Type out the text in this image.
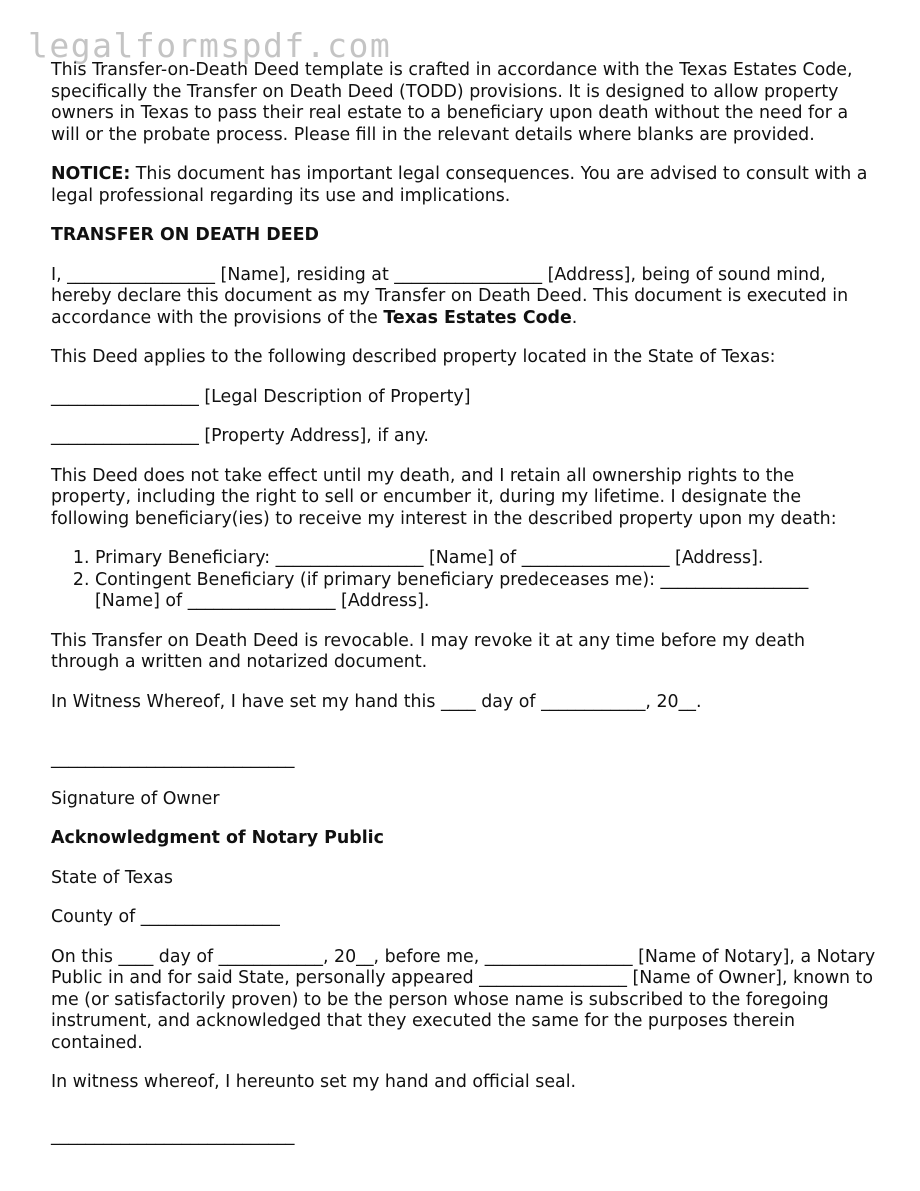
legalformspdf.com

This Transfer-on-Death Deed template is crafted in accordance with the Texas Estates Code, specifically the Transfer on Death Deed (TODD) provisions. It is designed to allow property owners in Texas to pass their real estate to a beneficiary upon death without the need for a will or the probate process. Please fill in the relevant details where blanks are provided.

NOTICE: This document has important legal consequences. You are advised to consult with a legal professional regarding its use and implications.

TRANSFER ON DEATH DEED

I, _________________ [Name], residing at _________________ [Address], being of sound mind, hereby declare this document as my Transfer on Death Deed. This document is executed in accordance with the provisions of the Texas Estates Code.

This Deed applies to the following described property located in the State of Texas:

_________________ [Legal Description of Property]

_________________ [Property Address], if any.

This Deed does not take effect until my death, and I retain all ownership rights to the property, including the right to sell or encumber it, during my lifetime. I designate the following beneficiary(ies) to receive my interest in the described property upon my death:

1. Primary Beneficiary: _________________ [Name] of _________________ [Address].
2. Contingent Beneficiary (if primary beneficiary predeceases me): _________________ [Name] of _________________ [Address].

This Transfer on Death Deed is revocable. I may revoke it at any time before my death through a written and notarized document.

In Witness Whereof, I have set my hand this ____ day of ____________, 20__.

____________________________

Signature of Owner

Acknowledgment of Notary Public

State of Texas

County of ________________

On this ____ day of ____________, 20__, before me, _________________ [Name of Notary], a Notary Public in and for said State, personally appeared _________________ [Name of Owner], known to me (or satisfactorily proven) to be the person whose name is subscribed to the foregoing instrument, and acknowledged that they executed the same for the purposes therein contained.

In witness whereof, I hereunto set my hand and official seal.

____________________________
